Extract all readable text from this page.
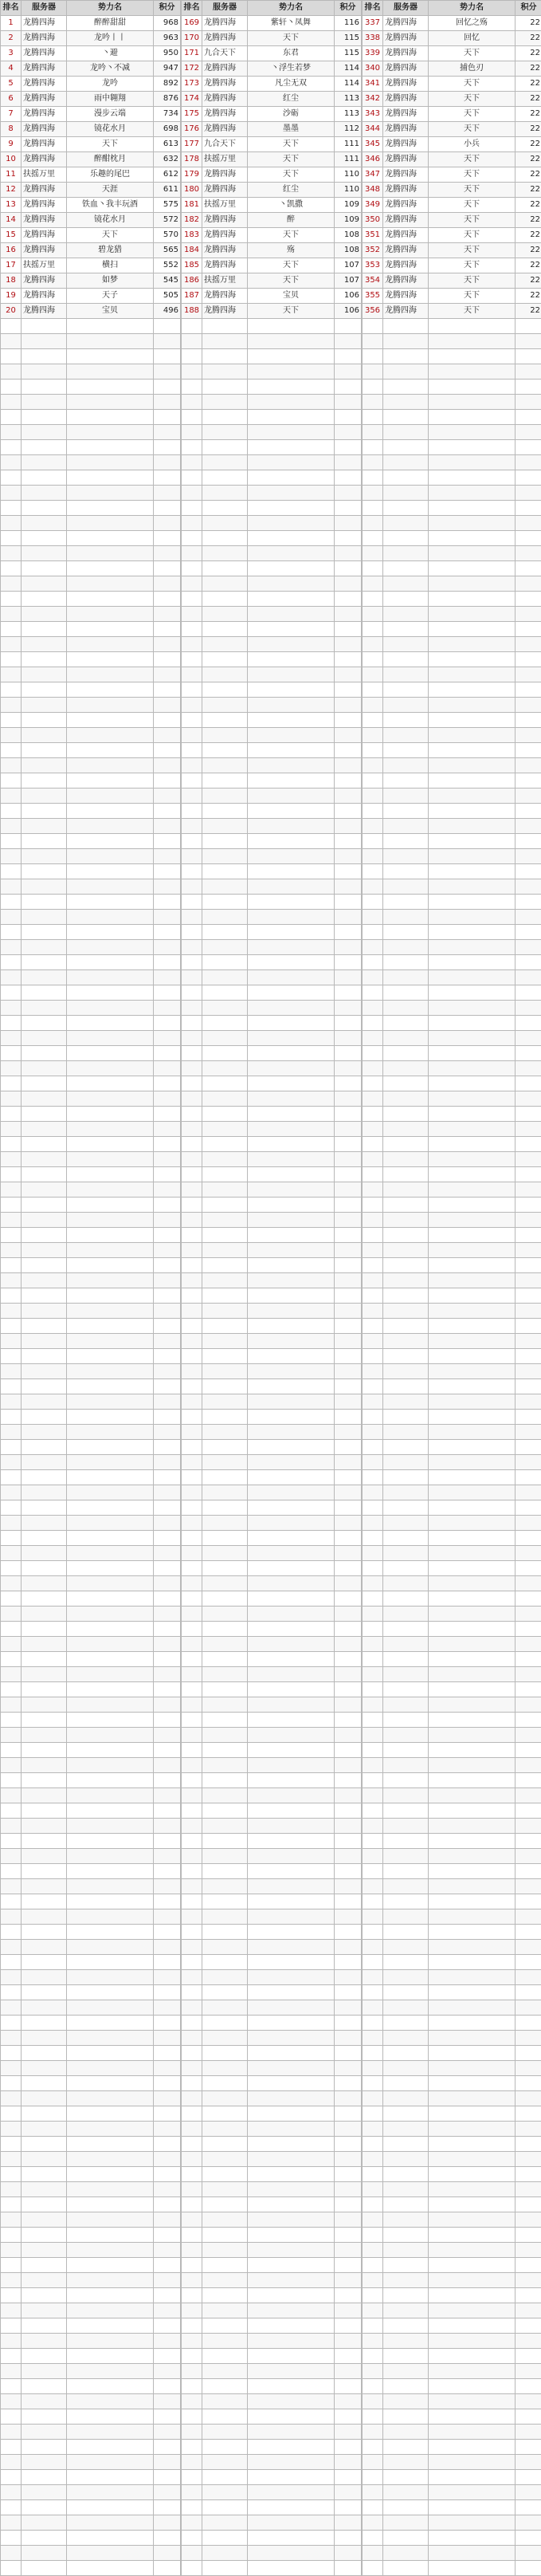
排名	服务器	势力名	积分
1	龙腾四海	醉醉甜甜	968
2	龙腾四海	龙吟丨丨	963
3	龙腾四海	丶避	950
4	龙腾四海	龙吟丶不减	947
5	龙腾四海	龙吟	892
6	龙腾四海	雨中翱翔	876
7	龙腾四海	漫步云端	734
8	龙腾四海	镜花水月	698
9	龙腾四海	天下	613
10	龙腾四海	醉酣枕月	632
11	扶摇万里	乐趣的尾巴	612
12	龙腾四海	天涯	611
13	龙腾四海	铁血丶我丰玩酒	575
14	龙腾四海	镜花水月	572
15	龙腾四海	天下	570
16	龙腾四海	碧龙猎	565
17	扶摇万里	横扫	552
18	龙腾四海	如梦	545
19	龙腾四海	天子	505
20	龙腾四海	宝贝	496

排名	服务器	势力名	积分
169	龙腾四海	紫轩丶凤舞	116
170	龙腾四海	天下	115
171	九合天下	东君	115
172	龙腾四海	丶浮生若梦	114
173	龙腾四海	凡尘无双	114
174	龙腾四海	红尘	113
175	龙腾四海	沙砺	113
176	龙腾四海	墨墨	112
177	九合天下	天下	111
178	扶摇万里	天下	111
179	龙腾四海	天下	110
180	龙腾四海	红尘	110
181	扶摇万里	丶凯撒	109
182	龙腾四海	醉	109
183	龙腾四海	天下	108
184	龙腾四海	殇	108
185	龙腾四海	天下	107
186	扶摇万里	天下	107
187	龙腾四海	宝贝	106
188	龙腾四海	天下	106

排名	服务器	势力名	积分
337	龙腾四海	回忆之殇	22
338	龙腾四海	回忆	22
339	龙腾四海	天下	22
340	龙腾四海	捕色刃	22
341	龙腾四海	天下	22
342	龙腾四海	天下	22
343	龙腾四海	天下	22
344	龙腾四海	天下	22
345	龙腾四海	小兵	22
346	龙腾四海	天下	22
347	龙腾四海	天下	22
348	龙腾四海	天下	22
349	龙腾四海	天下	22
350	龙腾四海	天下	22
351	龙腾四海	天下	22
352	龙腾四海	天下	22
353	龙腾四海	天下	22
354	龙腾四海	天下	22
355	龙腾四海	天下	22
356	龙腾四海	天下	22
